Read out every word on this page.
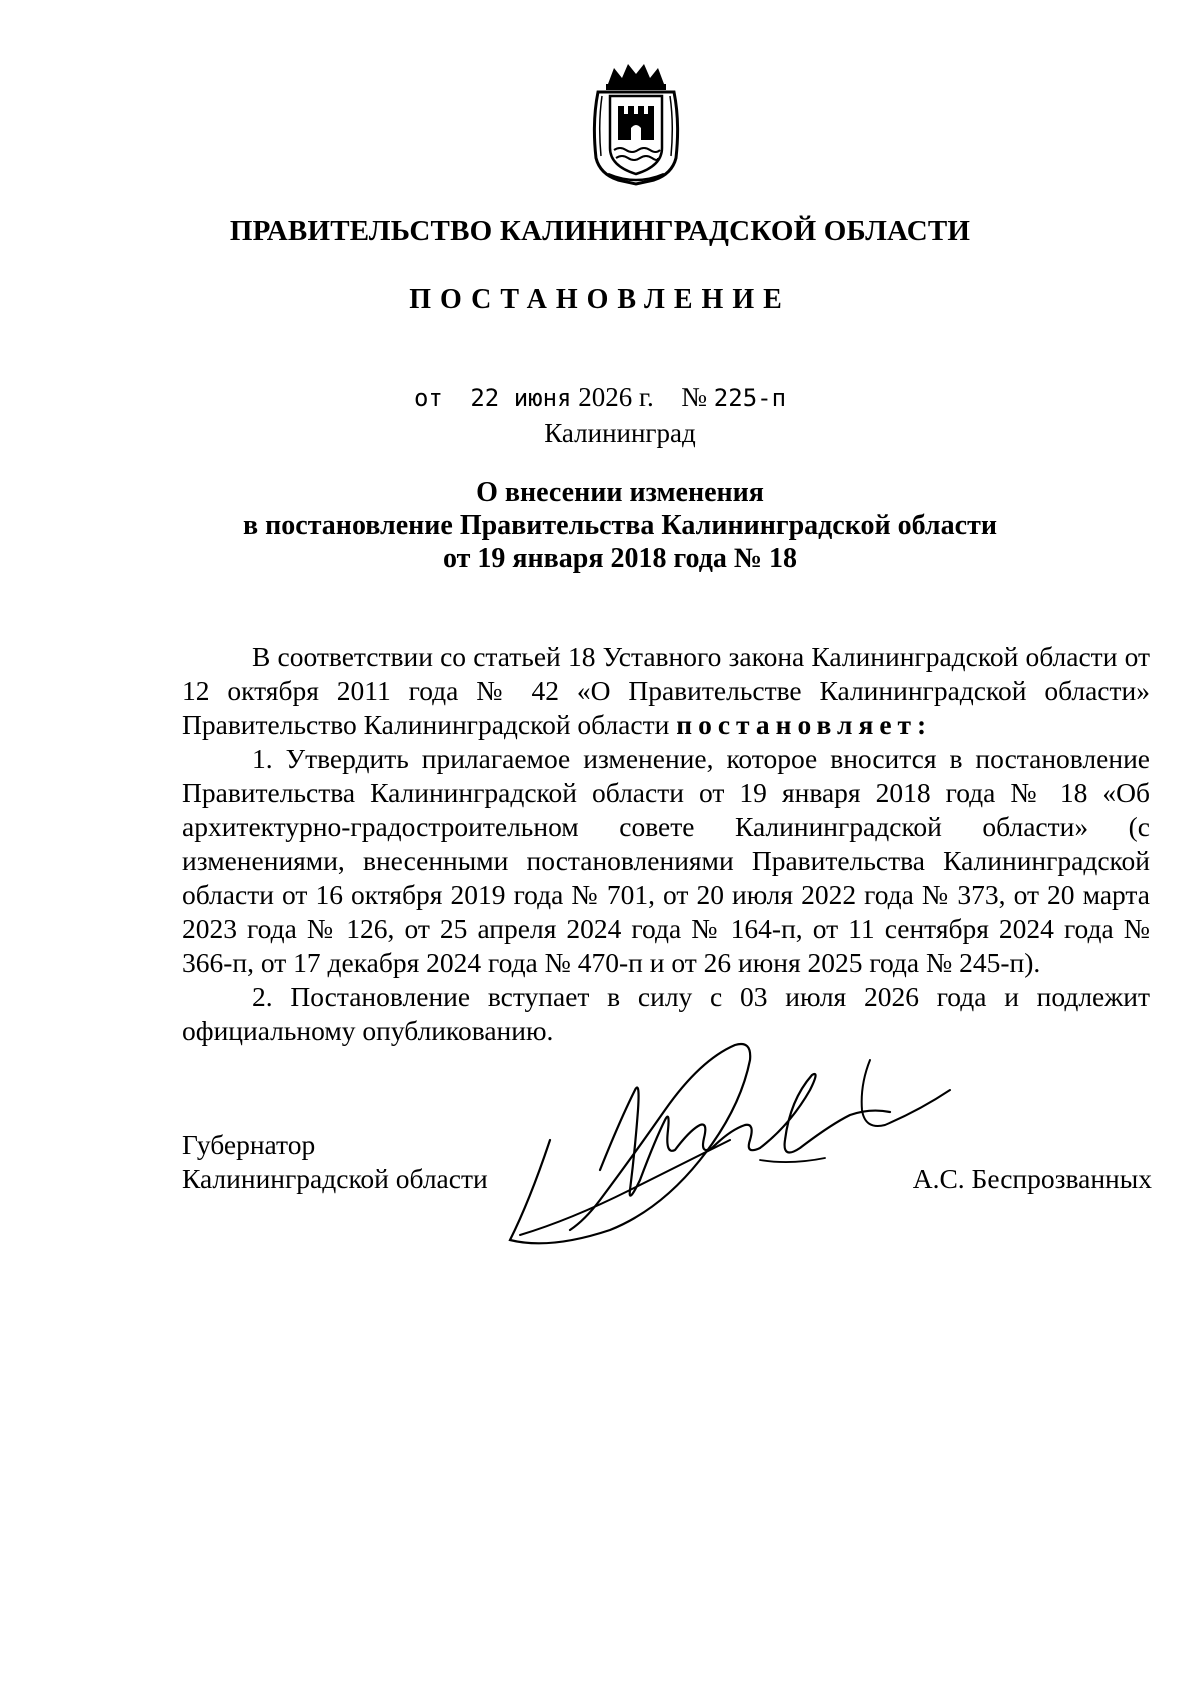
ПРАВИТЕЛЬСТВО КАЛИНИНГРАДСКОЙ ОБЛАСТИ
ПОСТАНОВЛЕНИЕ
от 22 июня 2026 г. № 225-п
Калининград
О внесении изменения
в постановление Правительства Калининградской области
от 19 января 2018 года № 18

В соответствии со статьей 18 Уставного закона Калининградской области от 12 октября 2011 года № 42 «О Правительстве Калининградской области» Правительство Калининградской области постановляет:

1. Утвердить прилагаемое изменение, которое вносится в постановление Правительства Калининградской области от 19 января 2018 года № 18 «Об архитектурно-градостроительном совете Калининградской области» (с изменениями, внесенными постановлениями Правительства Калининградской области от 16 октября 2019 года № 701, от 20 июля 2022 года № 373, от 20 марта 2023 года № 126, от 25 апреля 2024 года № 164-п, от 11 сентября 2024 года № 366-п, от 17 декабря 2024 года № 470-п и от 26 июня 2025 года № 245-п).

2. Постановление вступает в силу с 03 июля 2026 года и подлежит официальному опубликованию.

Губернатор
Калининградской области	А.С. Беспрозванных
